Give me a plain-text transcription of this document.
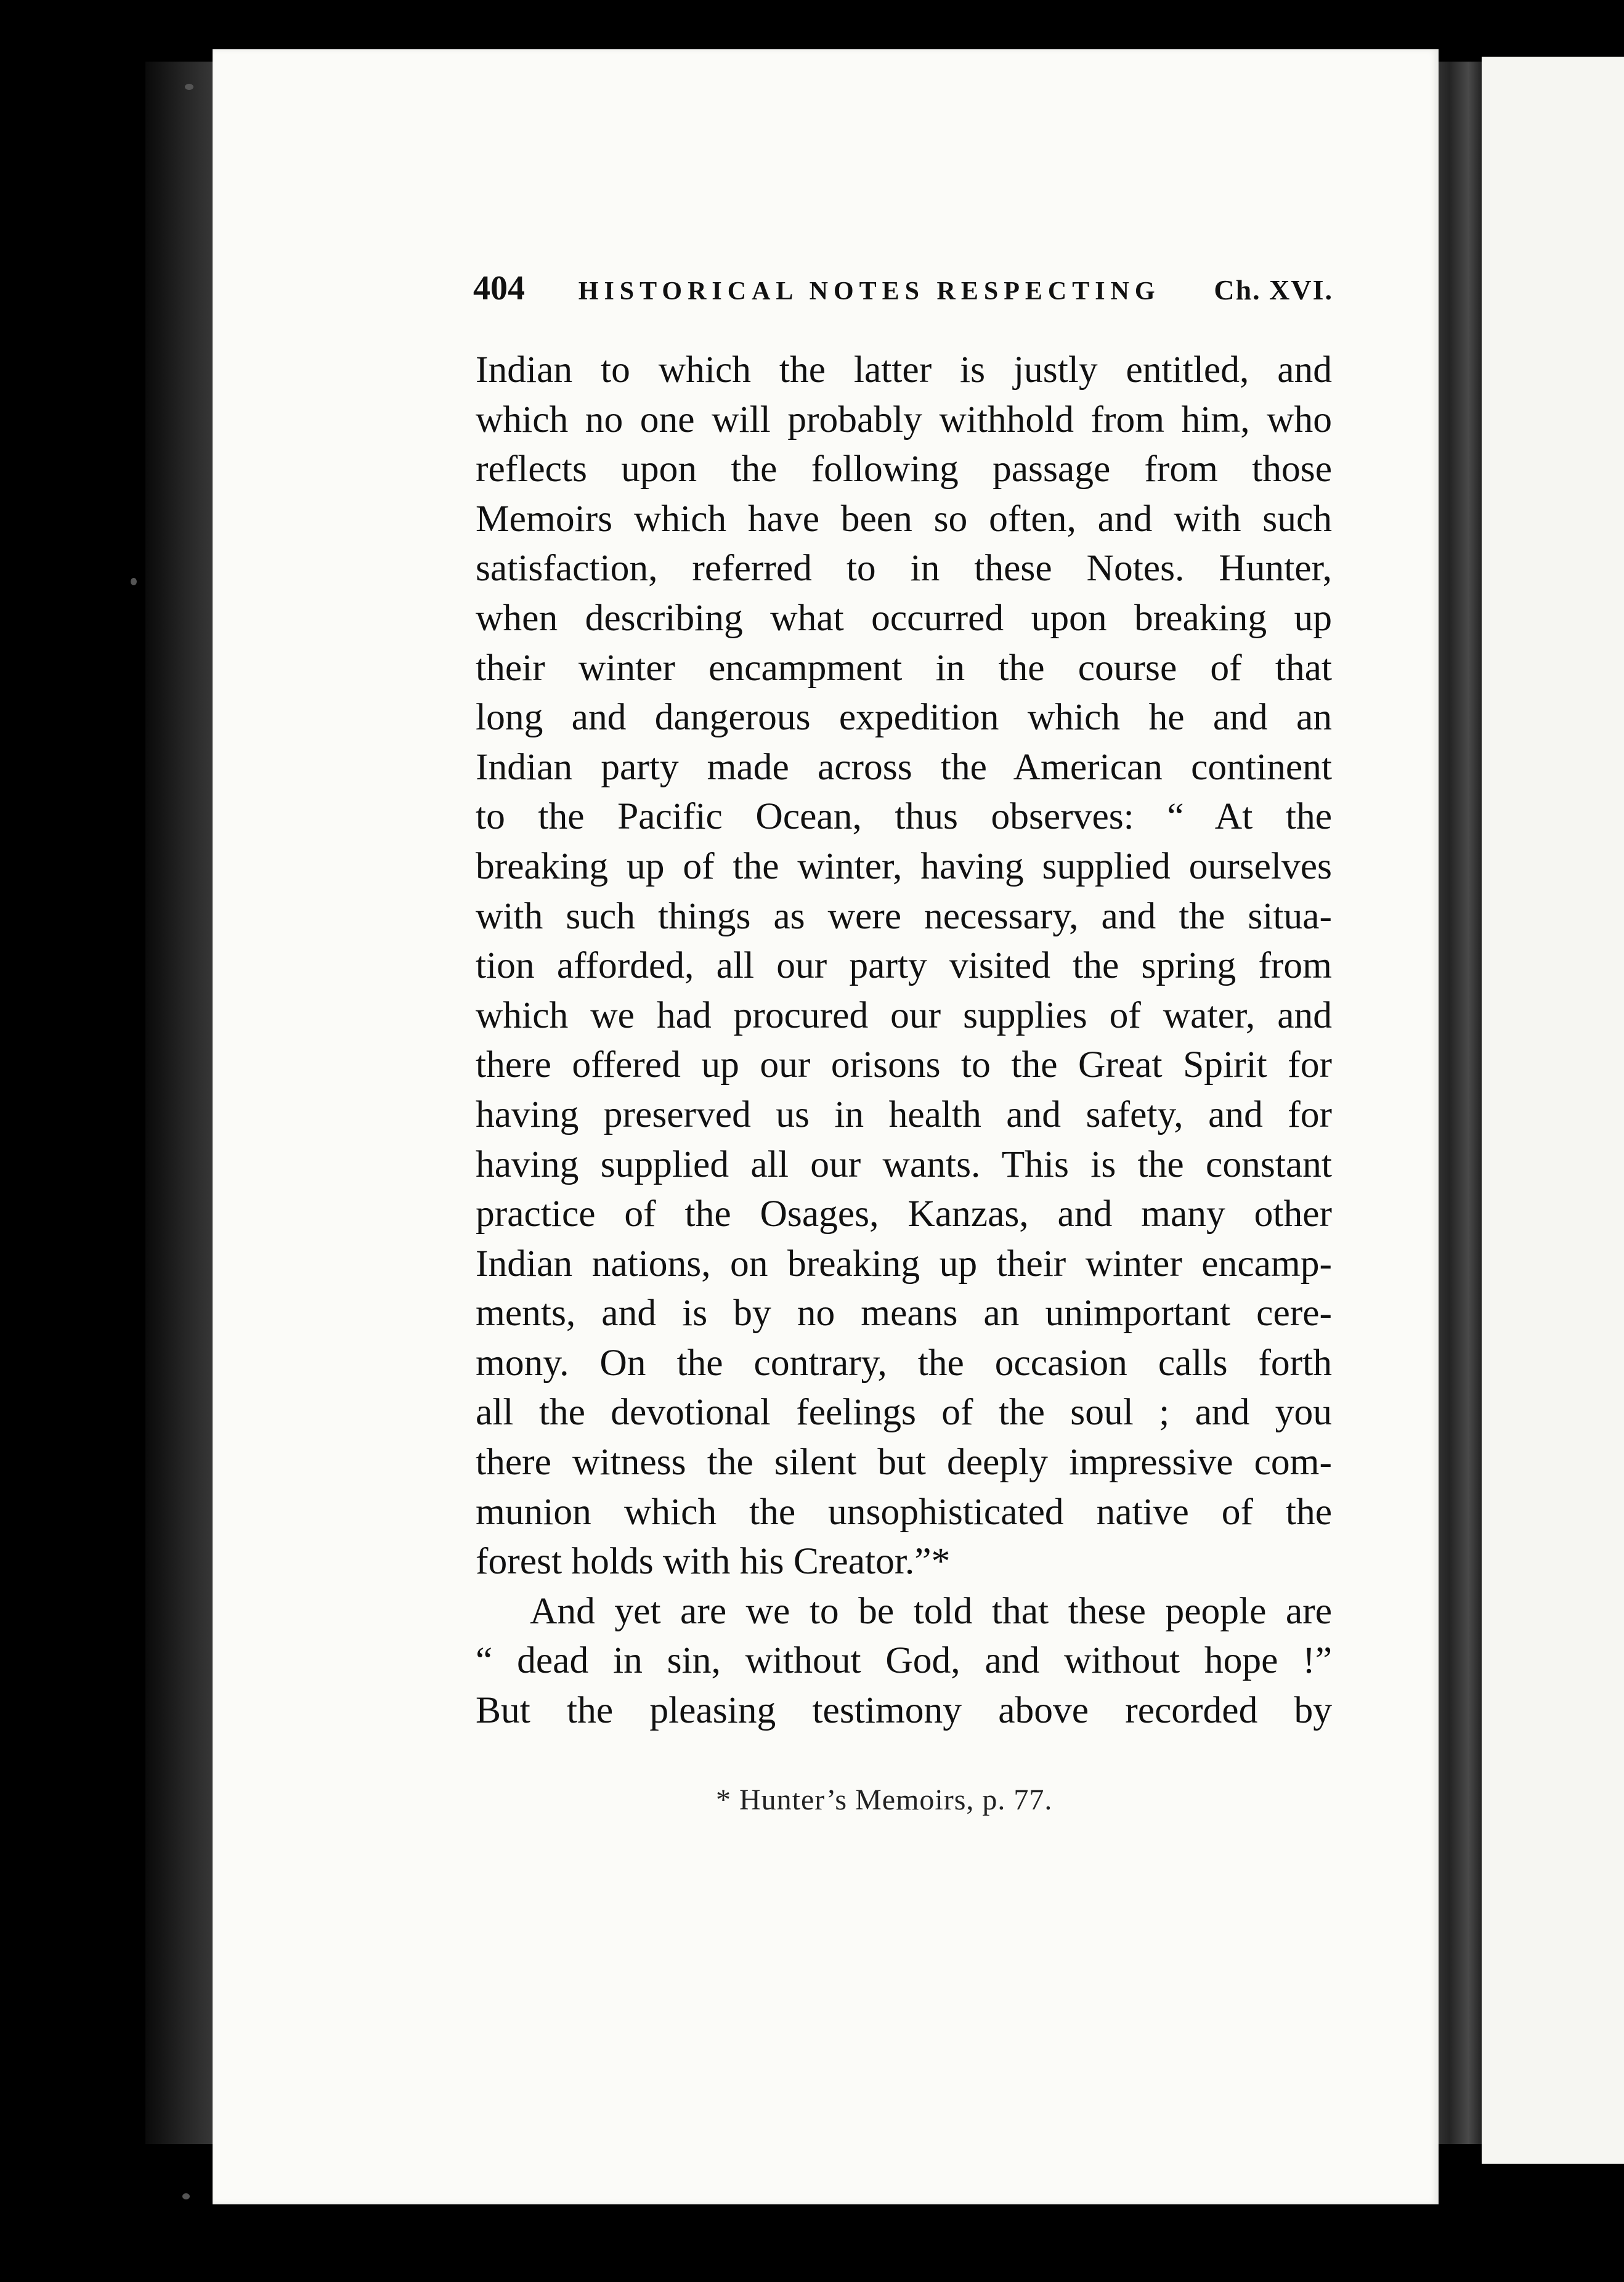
404 HISTORICAL NOTES RESPECTING Ch. XVI.
Indian to which the latter is justly entitled, and
which no one will probably withhold from him, who
reflects upon the following passage from those
Memoirs which have been so often, and with such
satisfaction, referred to in these Notes. Hunter,
when describing what occurred upon breaking up
their winter encampment in the course of that
long and dangerous expedition which he and an
Indian party made across the American continent
to the Pacific Ocean, thus observes: “ At the
breaking up of the winter, having supplied ourselves
with such things as were necessary, and the situa-
tion afforded, all our party visited the spring from
which we had procured our supplies of water, and
there offered up our orisons to the Great Spirit for
having preserved us in health and safety, and for
having supplied all our wants. This is the constant
practice of the Osages, Kanzas, and many other
Indian nations, on breaking up their winter encamp-
ments, and is by no means an unimportant cere-
mony. On the contrary, the occasion calls forth
all the devotional feelings of the soul ; and you
there witness the silent but deeply impressive com-
munion which the unsophisticated native of the
forest holds with his Creator.”*
And yet are we to be told that these people are
“ dead in sin, without God, and without hope !”
But the pleasing testimony above recorded by
* Hunter’s Memoirs, p. 77.
